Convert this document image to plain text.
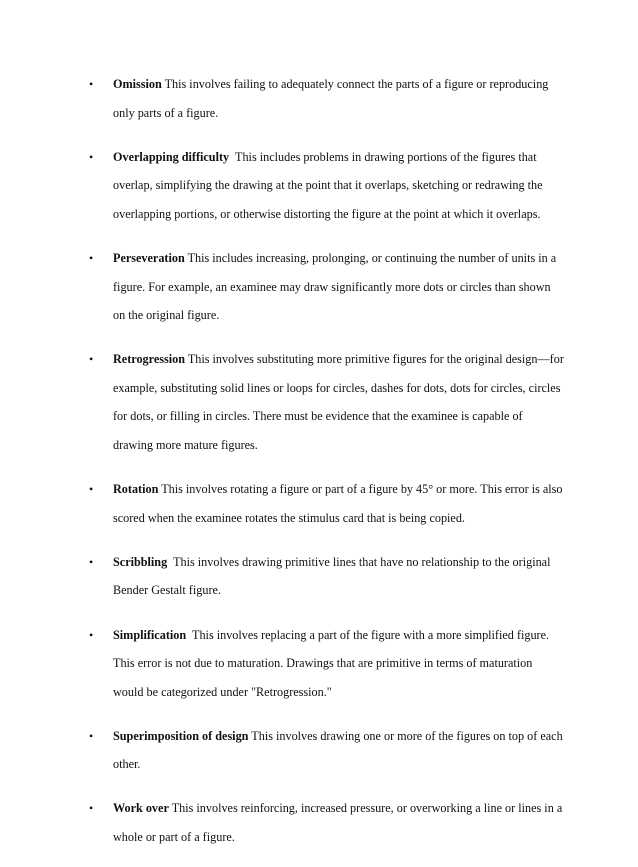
• Omission This involves failing to adequately connect the parts of a figure or reproducing only parts of a figure.
• Overlapping difficulty This includes problems in drawing portions of the figures that overlap, simplifying the drawing at the point that it overlaps, sketching or redrawing the overlapping portions, or otherwise distorting the figure at the point at which it overlaps.
• Perseveration This includes increasing, prolonging, or continuing the number of units in a figure. For example, an examinee may draw significantly more dots or circles than shown on the original figure.
• Retrogression This involves substituting more primitive figures for the original design—for example, substituting solid lines or loops for circles, dashes for dots, dots for circles, circles for dots, or filling in circles. There must be evidence that the examinee is capable of drawing more mature figures.
• Rotation This involves rotating a figure or part of a figure by 45° or more. This error is also scored when the examinee rotates the stimulus card that is being copied.
• Scribbling This involves drawing primitive lines that have no relationship to the original Bender Gestalt figure.
• Simplification This involves replacing a part of the figure with a more simplified figure. This error is not due to maturation. Drawings that are primitive in terms of maturation would be categorized under "Retrogression."
• Superimposition of design This involves drawing one or more of the figures on top of each other.
• Work over This involves reinforcing, increased pressure, or overworking a line or lines in a whole or part of a figure.
